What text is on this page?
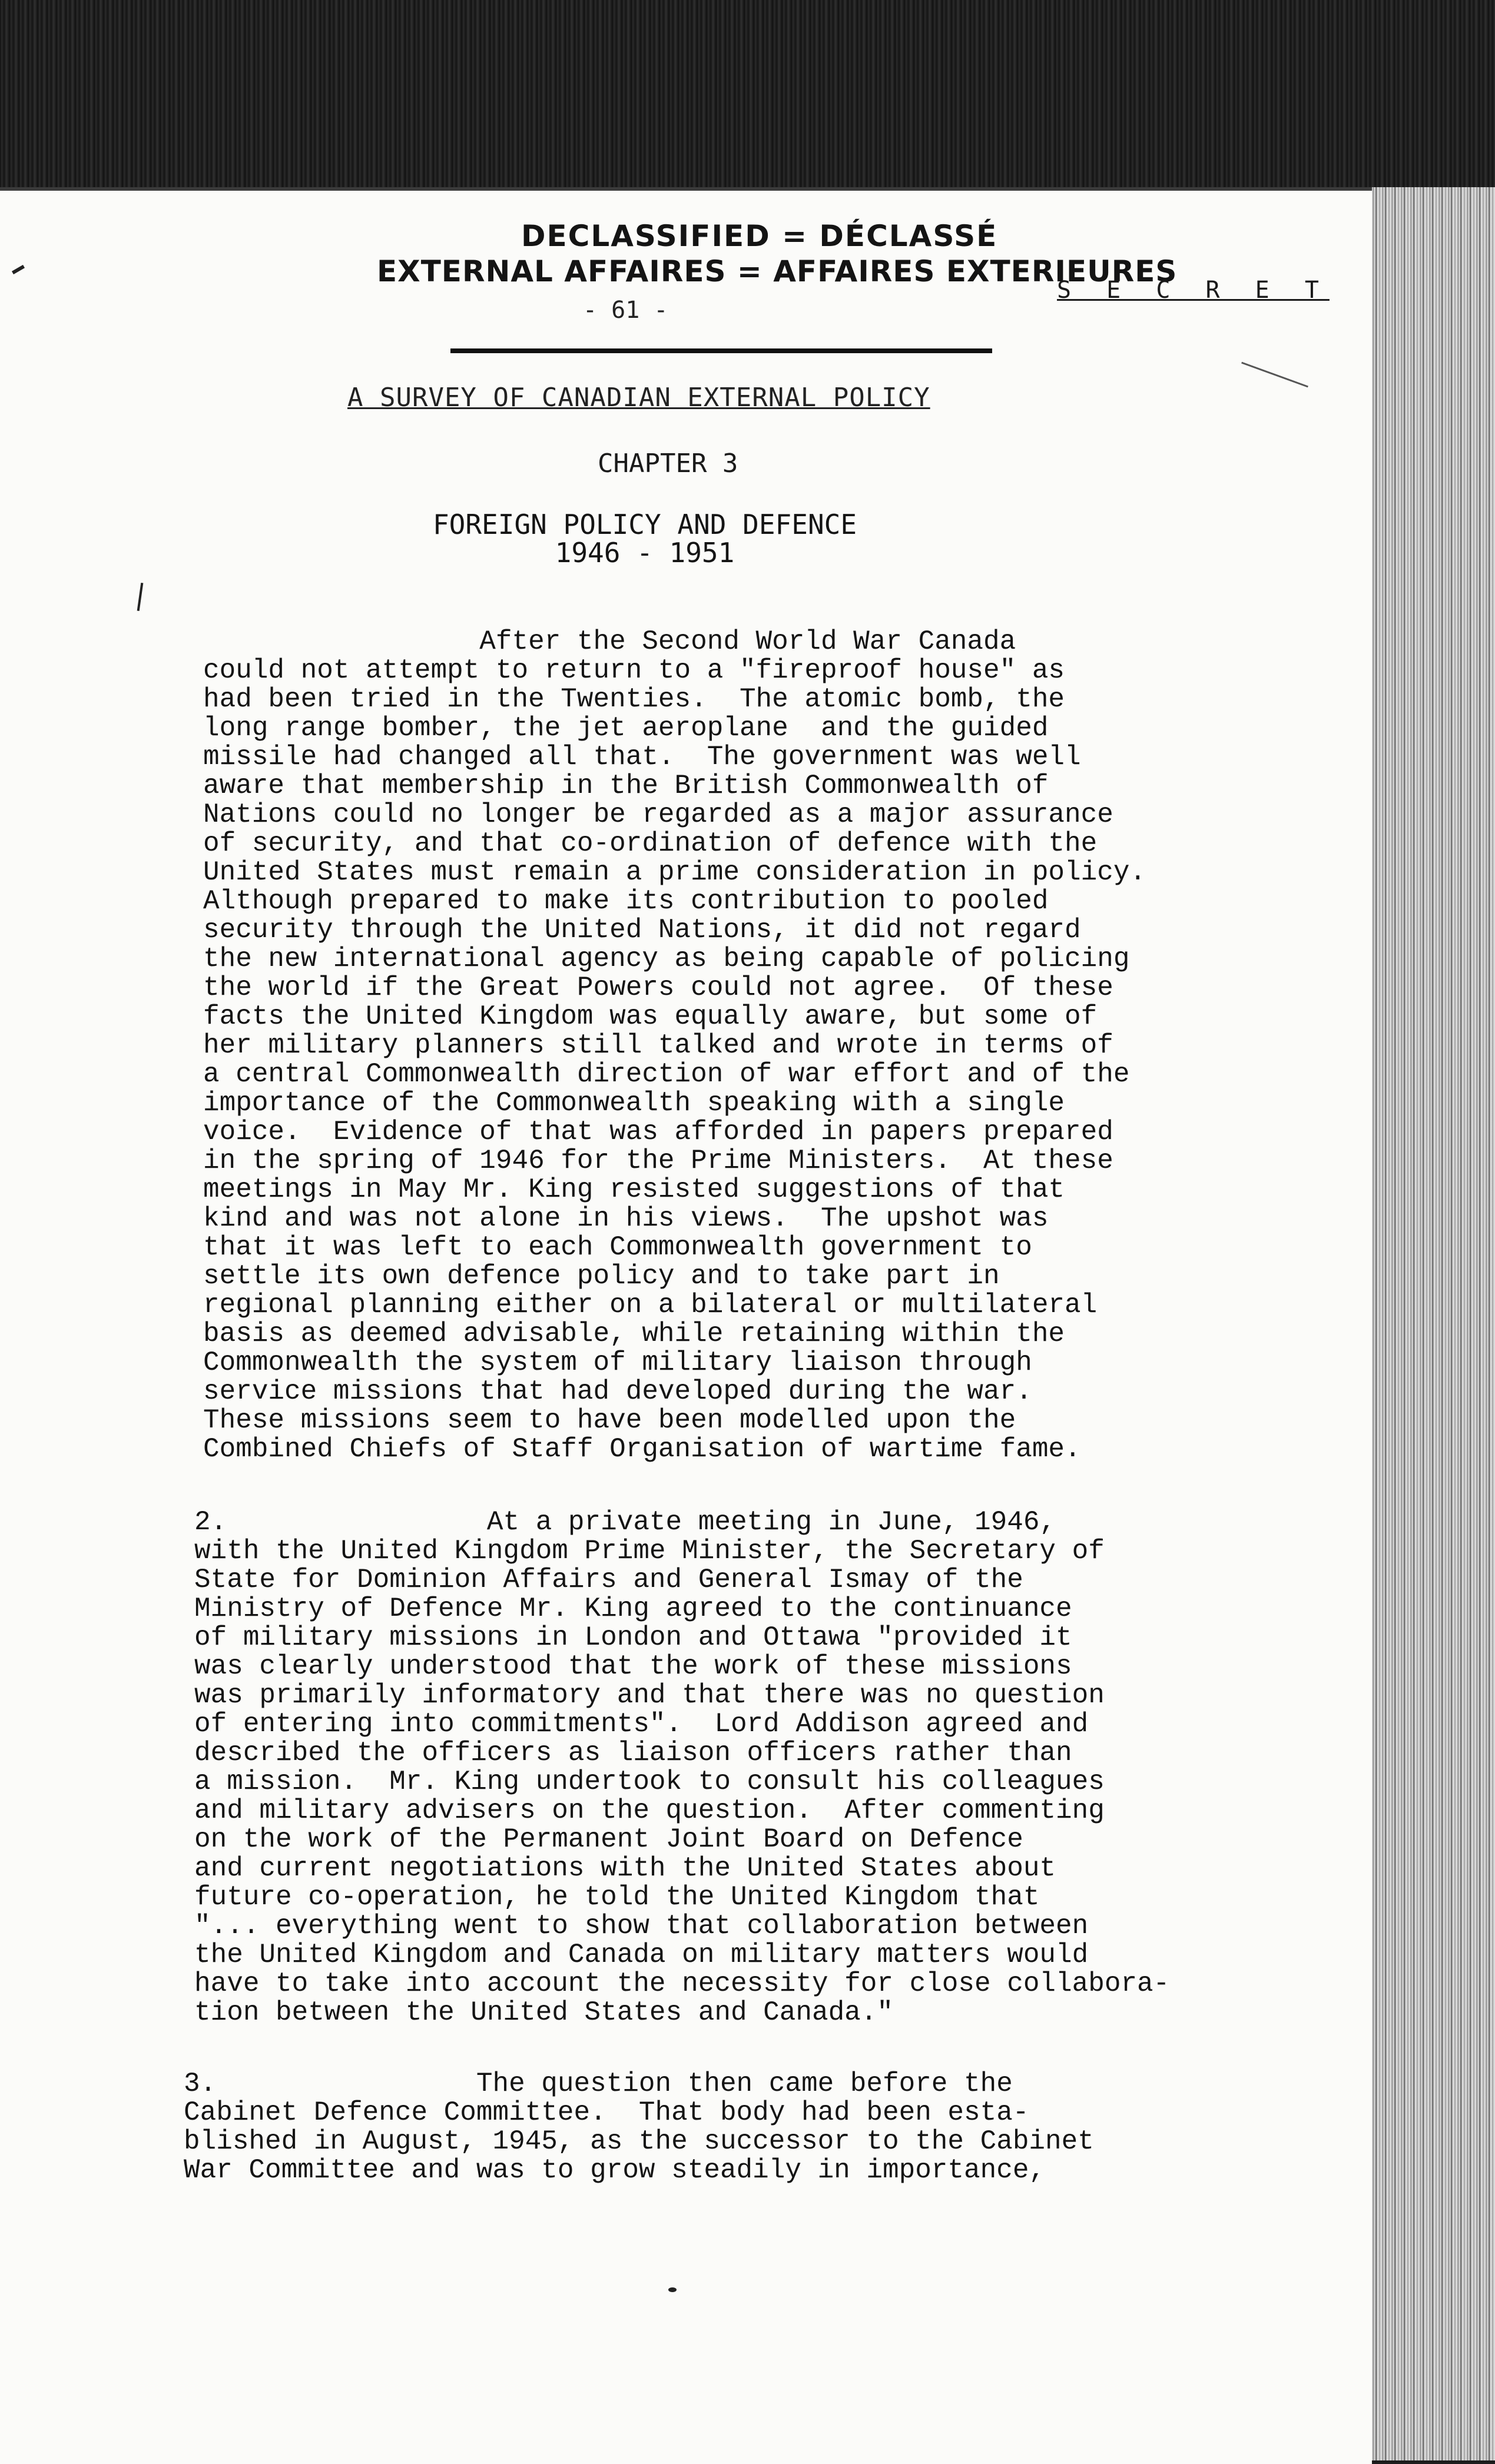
DECLASSIFIED = DÉCLASSÉ
EXTERNAL AFFAIRES = AFFAIRES EXTERIEURES
S E C R E T
- 61 -
A SURVEY OF CANADIAN EXTERNAL POLICY
CHAPTER 3
FOREIGN POLICY AND DEFENCE
1946 - 1951
After the Second World War Canada
could not attempt to return to a "fireproof house" as
had been tried in the Twenties.  The atomic bomb, the
long range bomber, the jet aeroplane  and the guided
missile had changed all that.  The government was well
aware that membership in the British Commonwealth of
Nations could no longer be regarded as a major assurance
of security, and that co-ordination of defence with the
United States must remain a prime consideration in policy.
Although prepared to make its contribution to pooled
security through the United Nations, it did not regard
the new international agency as being capable of policing
the world if the Great Powers could not agree.  Of these
facts the United Kingdom was equally aware, but some of
her military planners still talked and wrote in terms of
a central Commonwealth direction of war effort and of the
importance of the Commonwealth speaking with a single
voice.  Evidence of that was afforded in papers prepared
in the spring of 1946 for the Prime Ministers.  At these
meetings in May Mr. King resisted suggestions of that
kind and was not alone in his views.  The upshot was
that it was left to each Commonwealth government to
settle its own defence policy and to take part in
regional planning either on a bilateral or multilateral
basis as deemed advisable, while retaining within the
Commonwealth the system of military liaison through
service missions that had developed during the war.
These missions seem to have been modelled upon the
Combined Chiefs of Staff Organisation of wartime fame.
2.                At a private meeting in June, 1946,
with the United Kingdom Prime Minister, the Secretary of
State for Dominion Affairs and General Ismay of the
Ministry of Defence Mr. King agreed to the continuance
of military missions in London and Ottawa "provided it
was clearly understood that the work of these missions
was primarily informatory and that there was no question
of entering into commitments".  Lord Addison agreed and
described the officers as liaison officers rather than
a mission.  Mr. King undertook to consult his colleagues
and military advisers on the question.  After commenting
on the work of the Permanent Joint Board on Defence
and current negotiations with the United States about
future co-operation, he told the United Kingdom that
"... everything went to show that collaboration between
the United Kingdom and Canada on military matters would
have to take into account the necessity for close collabora-
tion between the United States and Canada."
3.                The question then came before the
Cabinet Defence Committee.  That body had been esta-
blished in August, 1945, as the successor to the Cabinet
War Committee and was to grow steadily in importance,
